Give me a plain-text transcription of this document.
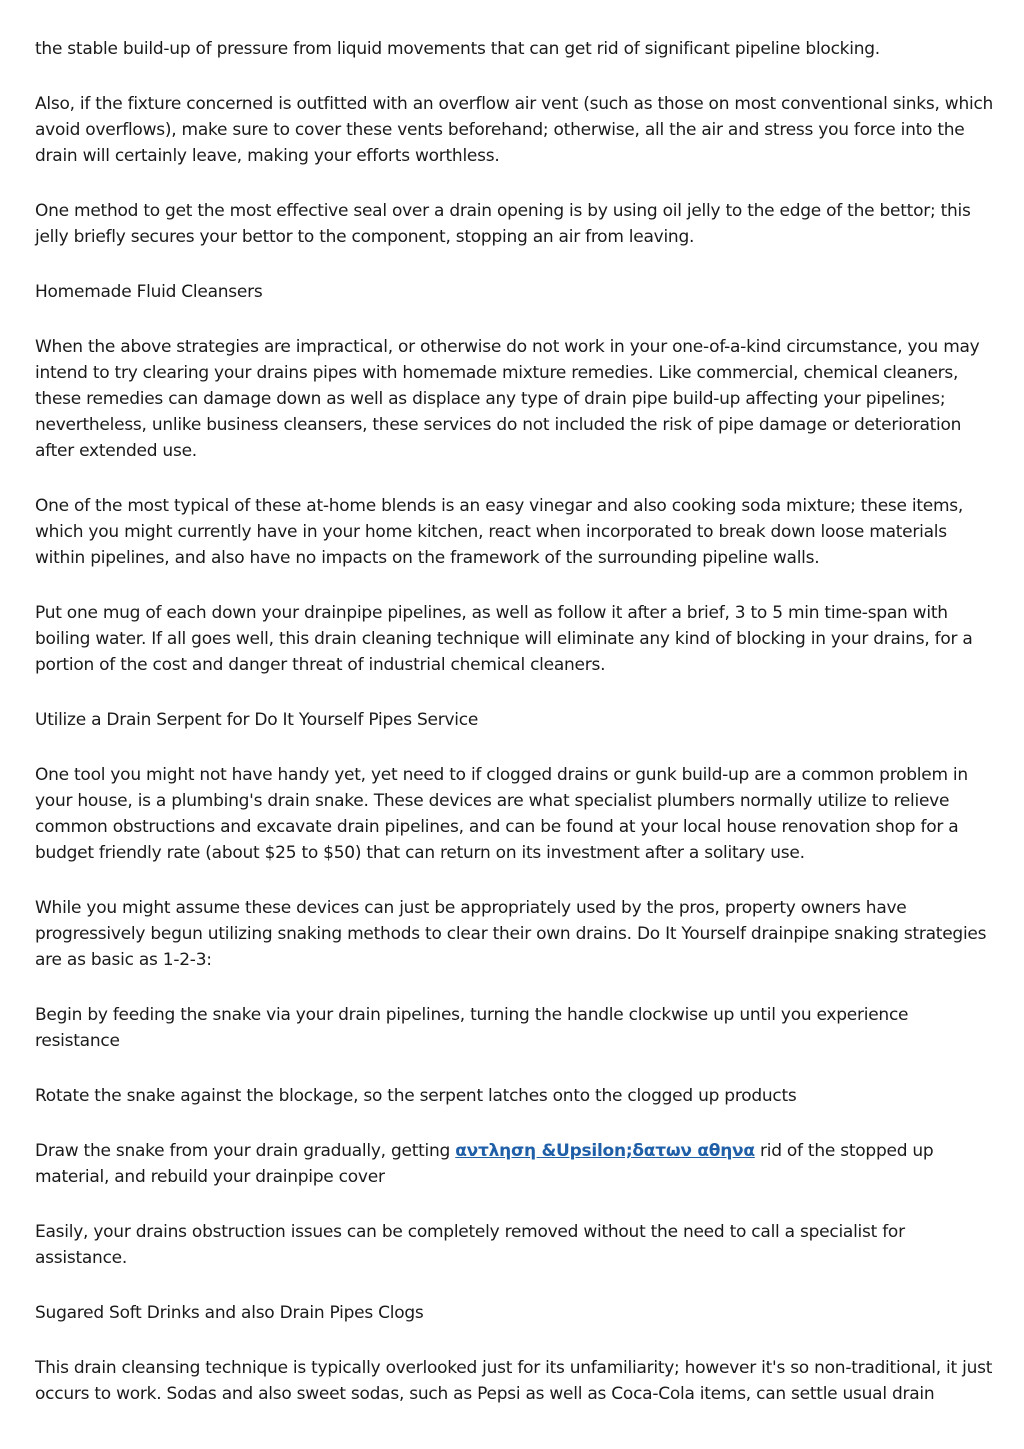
the stable build-up of pressure from liquid movements that can get rid of significant pipeline blocking.

Also, if the fixture concerned is outfitted with an overflow air vent (such as those on most conventional sinks, which avoid overflows), make sure to cover these vents beforehand; otherwise, all the air and stress you force into the drain will certainly leave, making your efforts worthless.

One method to get the most effective seal over a drain opening is by using oil jelly to the edge of the bettor; this jelly briefly secures your bettor to the component, stopping an air from leaving.

Homemade Fluid Cleansers

When the above strategies are impractical, or otherwise do not work in your one-of-a-kind circumstance, you may intend to try clearing your drains pipes with homemade mixture remedies. Like commercial, chemical cleaners, these remedies can damage down as well as displace any type of drain pipe build-up affecting your pipelines; nevertheless, unlike business cleansers, these services do not included the risk of pipe damage or deterioration after extended use.

One of the most typical of these at-home blends is an easy vinegar and also cooking soda mixture; these items, which you might currently have in your home kitchen, react when incorporated to break down loose materials within pipelines, and also have no impacts on the framework of the surrounding pipeline walls.

Put one mug of each down your drainpipe pipelines, as well as follow it after a brief, 3 to 5 min time-span with boiling water. If all goes well, this drain cleaning technique will eliminate any kind of blocking in your drains, for a portion of the cost and danger threat of industrial chemical cleaners.

Utilize a Drain Serpent for Do It Yourself Pipes Service

One tool you might not have handy yet, yet need to if clogged drains or gunk build-up are a common problem in your house, is a plumbing's drain snake. These devices are what specialist plumbers normally utilize to relieve common obstructions and excavate drain pipelines, and can be found at your local house renovation shop for a budget friendly rate (about $25 to $50) that can return on its investment after a solitary use.

While you might assume these devices can just be appropriately used by the pros, property owners have progressively begun utilizing snaking methods to clear their own drains. Do It Yourself drainpipe snaking strategies are as basic as 1-2-3:

Begin by feeding the snake via your drain pipelines, turning the handle clockwise up until you experience resistance

Rotate the snake against the blockage, so the serpent latches onto the clogged up products

Draw the snake from your drain gradually, getting αντληση &Upsilon;δατων αθηνα rid of the stopped up material, and rebuild your drainpipe cover

Easily, your drains obstruction issues can be completely removed without the need to call a specialist for assistance.

Sugared Soft Drinks and also Drain Pipes Clogs

This drain cleansing technique is typically overlooked just for its unfamiliarity; however it's so non-traditional, it just occurs to work. Sodas and also sweet sodas, such as Pepsi as well as Coca-Cola items, can settle usual drain
